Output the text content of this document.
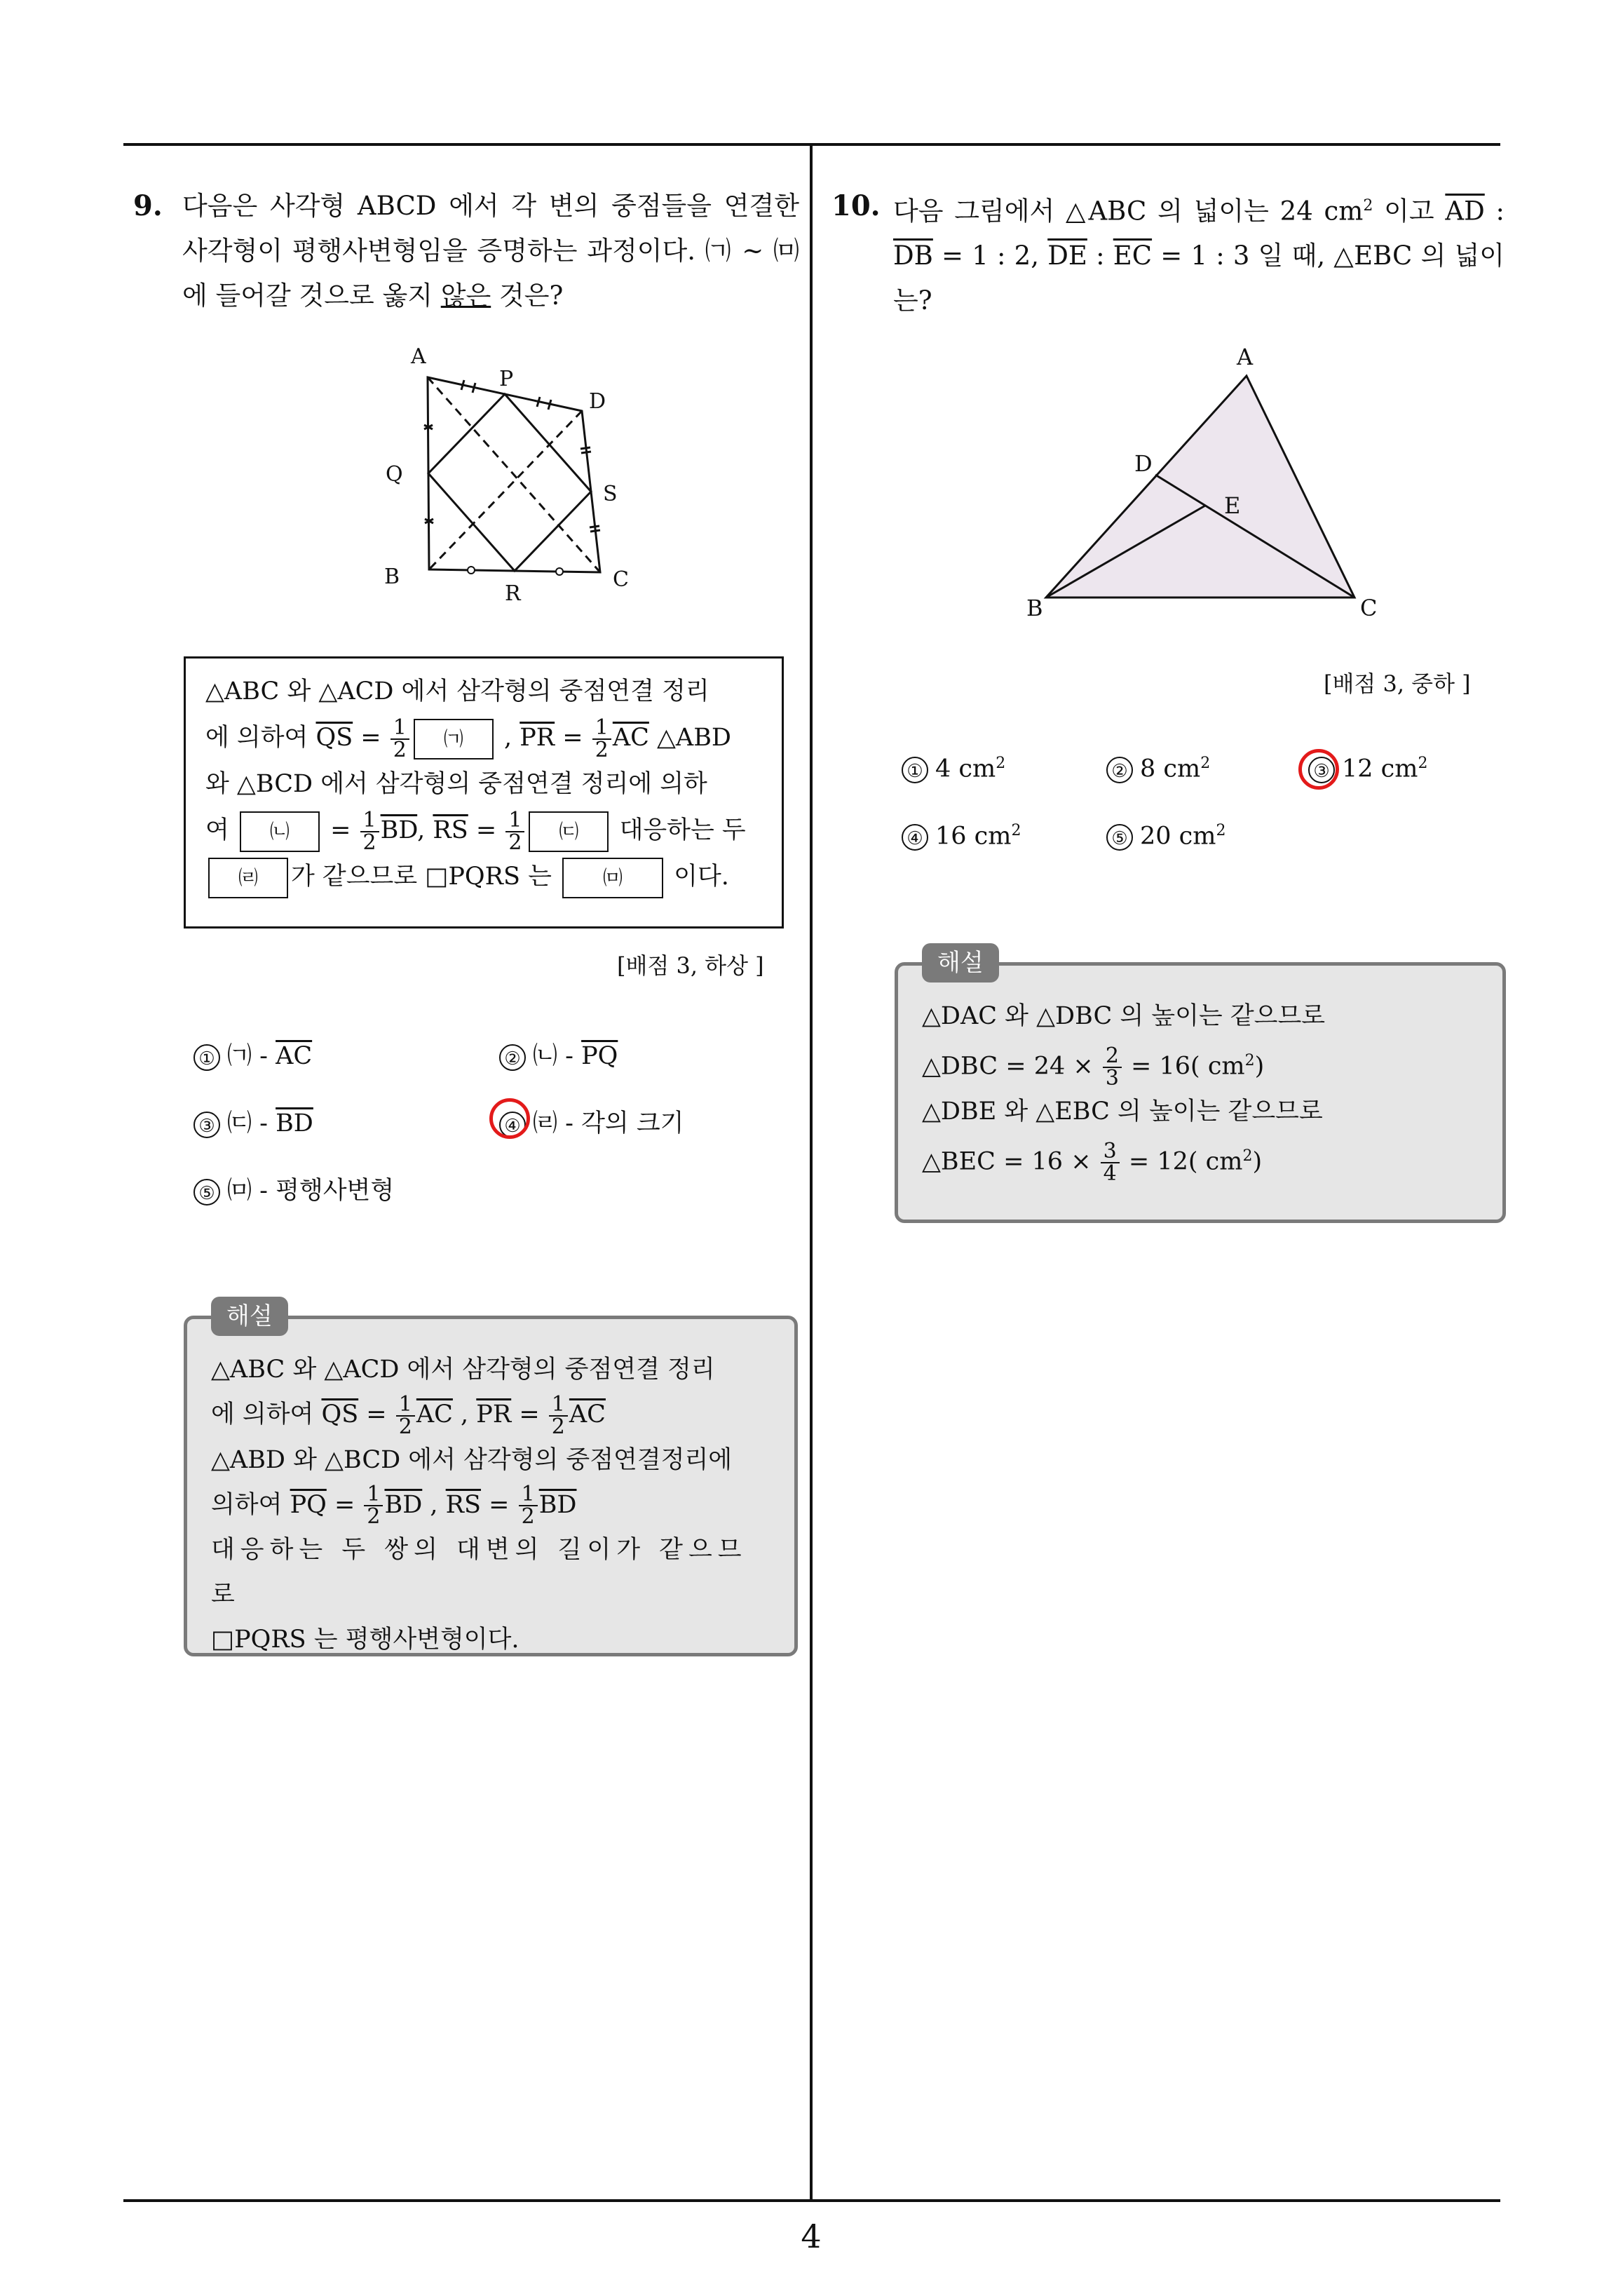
9. 다음은 사각형 ABCD 에서 각 변의 중점들을 연결한 사각형이 평행사변형임을 증명하는 과정이다. ㈀ ~ ㈄ 에 들어갈 것으로 옳지 않은 것은?
A
P
D
Q
S
B
R
C
△ABC 와 △ACD 에서 삼각형의 중점연결 정리
에 의하여 $\overline{QS} = \frac{1}{2}$ ㈀ , $\overline{PR} = \frac{1}{2} \overline{AC}$ △ABD
와 △BCD 에서 삼각형의 중점연결 정리에 의하
여 ㈁ = $\frac{1}{2} \overline{BD}$, $\overline{RS} = \frac{1}{2}$ ㈂ 대응하는 두
㈃ 가 같으므로 □PQRS 는 ㈄ 이다.
[배점 3, 하상 ]
① ㈀ - $\overline{AC}$	② ㈁ - $\overline{PQ}$
③ ㈂ - $\overline{BD}$	④ ㈃ - 각의 크기
⑤ ㈄ - 평행사변형
해설
△ABC 와 △ACD 에서 삼각형의 중점연결 정리
에 의하여 $\overline{QS} = \frac{1}{2} \overline{AC}$ , $\overline{PR} = \frac{1}{2} \overline{AC}$
△ABD 와 △BCD 에서 삼각형의 중점연결정리에
의하여 $\overline{PQ} = \frac{1}{2} \overline{BD}$ , $\overline{RS} = \frac{1}{2} \overline{BD}$
대응하는 두 쌍의 대변의 길이가 같으므로
□PQRS 는 평행사변형이다.
10. 다음 그림에서 △ABC 의 넓이는 24 $cm^2$ 이고 $\overline{AD}$ : $\overline{DB} = 1$ : 2, $\overline{DE}$ : $\overline{EC} = 1$ : 3 일 때, △EBC 의 넓이는?
A
D
E
B	C
[배점 3, 중하 ]
① 4 $cm^2$	② 8 $cm^2$	③ 12 $cm^2$
④ 16 $cm^2$	⑤ 20 $cm^2$
해설
△DAC 와 △DBC 의 높이는 같으므로
△DBC = $24 \times \frac{2}{3} = 16$( $cm^2$)
△DBE 와 △EBC 의 높이는 같으므로
△BEC = $16 \times \frac{3}{4} = 12$( $cm^2$)
4
